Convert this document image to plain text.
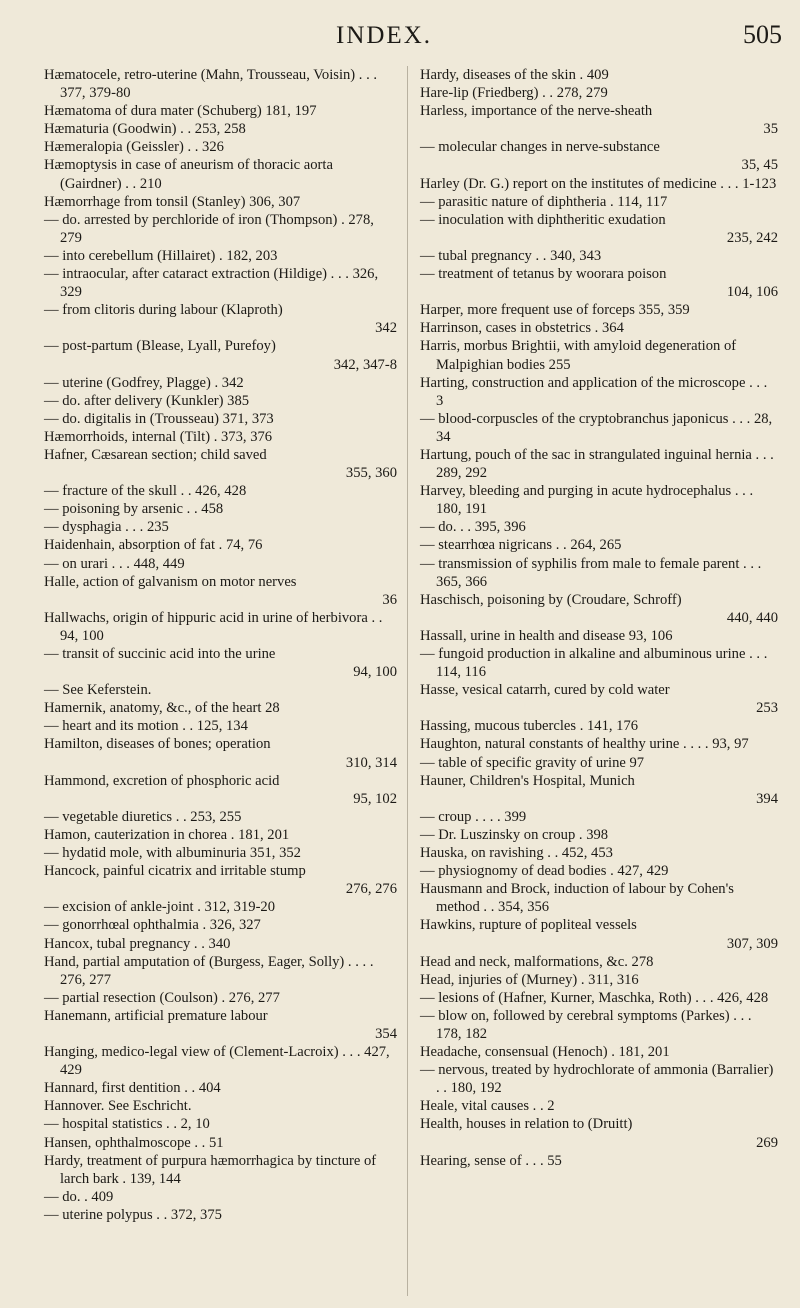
INDEX.	505
Hæmatocele, retro-uterine (Mahn, Trousseau, Voisin) . . . 377, 379-80
Hæmatoma of dura mater (Schuberg) 181, 197
Hæmaturia (Goodwin) . . 253, 258
Hæmeralopia (Geissler) . . 326
Hæmoptysis in case of aneurism of thoracic aorta (Gairdner) . . 210
Hæmorrhage from tonsil (Stanley) 306, 307
— do. arrested by perchloride of iron (Thompson) . 278, 279
— into cerebellum (Hillairet) . 182, 203
— intraocular, after cataract extraction (Hildige) . . . 326, 329
— from clitoris during labour (Klaproth)
342
— post-partum (Blease, Lyall, Purefoy)
342, 347-8
— uterine (Godfrey, Plagge) . 342
— do. after delivery (Kunkler) 385
— do. digitalis in (Trousseau) 371, 373
Hæmorrhoids, internal (Tilt) . 373, 376
Hafner, Cæsarean section; child saved
355, 360
— fracture of the skull . . 426, 428
— poisoning by arsenic . . 458
— dysphagia . . . 235
Haidenhain, absorption of fat . 74, 76
— on urari . . . 448, 449
Halle, action of galvanism on motor nerves
36
Hallwachs, origin of hippuric acid in urine of herbivora . . 94, 100
— transit of succinic acid into the urine
94, 100
— See Keferstein.
Hamernik, anatomy, &c., of the heart 28
— heart and its motion . . 125, 134
Hamilton, diseases of bones; operation
310, 314
Hammond, excretion of phosphoric acid
95, 102
— vegetable diuretics . . 253, 255
Hamon, cauterization in chorea . 181, 201
— hydatid mole, with albuminuria 351, 352
Hancock, painful cicatrix and irritable stump
276, 276
— excision of ankle-joint . 312, 319-20
— gonorrhœal ophthalmia . 326, 327
Hancox, tubal pregnancy . . 340
Hand, partial amputation of (Burgess, Eager, Solly) . . . . 276, 277
— partial resection (Coulson) . 276, 277
Hanemann, artificial premature labour
354
Hanging, medico-legal view of (Clement-Lacroix) . . . 427, 429
Hannard, first dentition . . 404
Hannover. See Eschricht.
— hospital statistics . . 2, 10
Hansen, ophthalmoscope . . 51
Hardy, treatment of purpura hæmorrhagica by tincture of larch bark . 139, 144
— do. . 409
— uterine polypus . . 372, 375
Hardy, diseases of the skin . 409
Hare-lip (Friedberg) . . 278, 279
Harless, importance of the nerve-sheath
35
— molecular changes in nerve-substance
35, 45
Harley (Dr. G.) report on the institutes of medicine . . . 1-123
— parasitic nature of diphtheria . 114, 117
— inoculation with diphtheritic exudation
235, 242
— tubal pregnancy . . 340, 343
— treatment of tetanus by woorara poison
104, 106
Harper, more frequent use of forceps 355, 359
Harrinson, cases in obstetrics . 364
Harris, morbus Brightii, with amyloid degeneration of Malpighian bodies 255
Harting, construction and application of the microscope . . . 3
— blood-corpuscles of the cryptobranchus japonicus . . . 28, 34
Hartung, pouch of the sac in strangulated inguinal hernia . . . 289, 292
Harvey, bleeding and purging in acute hydrocephalus . . . 180, 191
— do. . . 395, 396
— stearrhœa nigricans . . 264, 265
— transmission of syphilis from male to female parent . . . 365, 366
Haschisch, poisoning by (Croudare, Schroff)
440, 440
Hassall, urine in health and disease 93, 106
— fungoid production in alkaline and albuminous urine . . . 114, 116
Hasse, vesical catarrh, cured by cold water
253
Hassing, mucous tubercles . 141, 176
Haughton, natural constants of healthy urine . . . . 93, 97
— table of specific gravity of urine 97
Hauner, Children's Hospital, Munich
394
— croup . . . . 399
— Dr. Luszinsky on croup . 398
Hauska, on ravishing . . 452, 453
— physiognomy of dead bodies . 427, 429
Hausmann and Brock, induction of labour by Cohen's method . . 354, 356
Hawkins, rupture of popliteal vessels
307, 309
Head and neck, malformations, &c. 278
Head, injuries of (Murney) . 311, 316
— lesions of (Hafner, Kurner, Maschka, Roth) . . . 426, 428
— blow on, followed by cerebral symptoms (Parkes) . . . 178, 182
Headache, consensual (Henoch) . 181, 201
— nervous, treated by hydrochlorate of ammonia (Barralier) . . 180, 192
Heale, vital causes . . 2
Health, houses in relation to (Druitt)
269
Hearing, sense of . . . 55
